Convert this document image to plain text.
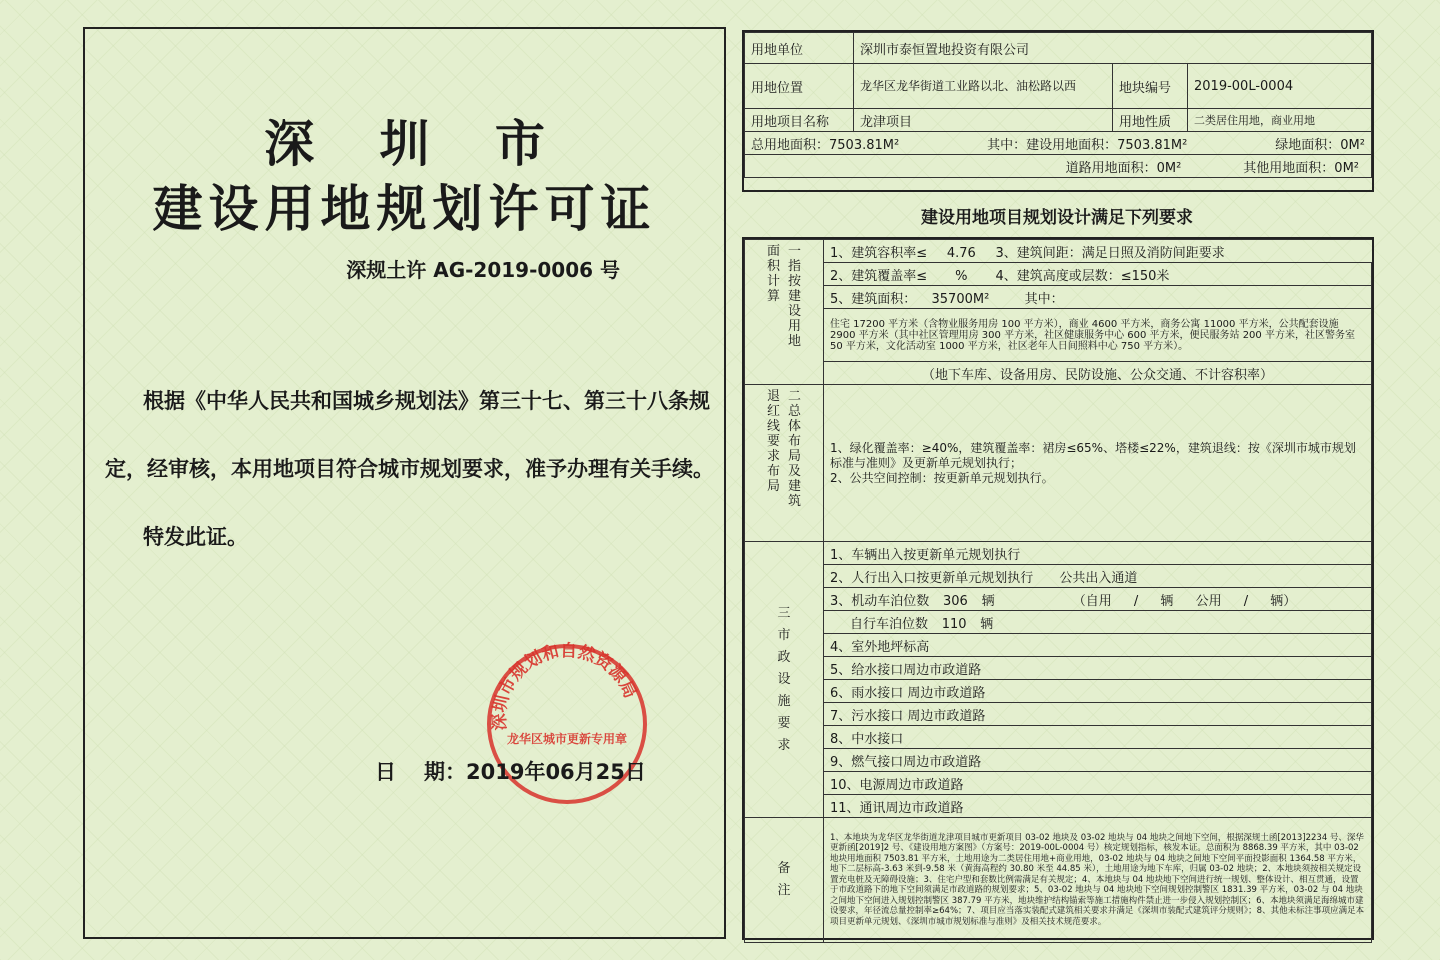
深 圳 市
建设用地规划许可证
深规土许 AG-2019-0006 号
根据《中华人民共和国城乡规划法》第三十七、第三十八条规
定，经审核，本用地项目符合城市规划要求，准予办理有关手续。
特发此证。
深圳市规划和自然资源局
龙华区城市更新专用章
日 期：2019年06月25日
用地单位	深圳市泰恒置地投资有限公司		
用地位置	龙华区龙华街道工业路以北、油松路以西	地块编号	2019-00L-0004
用地项目名称	龙津项目	用地性质	二类居住用地，商业用地

总用地面积：7503.81M² 其中：建设用地面积：7503.81M² 绿地面积：0M²			

道路用地面积：0M² 其他用地面积：0M²			
建设用地项目规划设计满足下列要求
面积计算一 指按建设用地	1、建筑容积率≤ 4.76 3、建筑间距：满足日照及消防间距要求
	2、建筑覆盖率≤ % 4、建筑高度或层数：≤150米
	5、建筑面积： 35700M² 其中：
	住宅 17200 平方米（含物业服务用房 100 平方米），商业 4600 平方米，商务公寓 11000 平方米，公共配套设施 2900 平方米（其中社区管理用房 300 平方米，社区健康服务中心 600 平方米，便民服务站 200 平方米，社区警务室 50 平方米，文化活动室 1000 平方米，社区老年人日间照料中心 750 平方米）。
	（地下车库、设备用房、民防设施、公众交通、不计容积率）
退红线要求布局二 总体布局及建筑	1、绿化覆盖率：≥40%，建筑覆盖率：裙房≤65%、塔楼≤22%，建筑退线：按《深圳市城市规划标准与准则》及更新单元规划执行；
2、公共空间控制：按更新单元规划执行。

三 市政设施要求	1、车辆出入按更新单元规划执行
	2、人行出入口按更新单元规划执行 公共出入通道
	3、机动车泊位数 306 辆 （自用 / 辆 公用 / 辆）
	自行车泊位数 110 辆
	4、室外地坪标高
	5、给水接口周边市政道路
	6、雨水接口 周边市政道路
	7、污水接口 周边市政道路
	8、中水接口
	9、燃气接口周边市政道路
	10、电源周边市政道路
	11、通讯周边市政道路
备注	1、本地块为龙华区龙华街道龙津项目城市更新项目 03-02 地块及 03-02 地块与 04 地块之间地下空间，根据深规土函[2013]2234 号、深华更新函[2019]2 号、《建设用地方案图》（方案号：2019-00L-0004 号）核定规划指标，核发本证。总面积为 8868.39 平方米，其中 03-02 地块用地面积 7503.81 平方米，土地用途为二类居住用地+商业用地，03-02 地块与 04 地块之间地下空间平面投影面积 1364.58 平方米，地下二层标高-3.63 米到-9.58 米（黄海高程约 30.80 米至 44.85 米），土地用途为地下车库，归属 03-02 地块；2、本地块须按相关规定设置充电桩及无障碍设施；3、住宅户型和套数比例需满足有关规定；4、本地块与 04 地块地下空间进行统一规划、整体设计、相互贯通，设置于市政道路下的地下空间须满足市政道路的规划要求；5、03-02 地块与 04 地块地下空间规划控制警区 1831.39 平方米，03-02 与 04 地块之间地下空间进入规划控制警区 387.79 平方米，地块维护结构锚索等施工措施构件禁止进一步侵入规划控制区；6、本地块须满足海绵城市建设要求，年径流总量控制率≥64%；7、项目应当落实装配式建筑相关要求并满足《深圳市装配式建筑评分规则》；8、其他未标注事项应满足本项目更新单元规划、《深圳市城市规划标准与准则》及相关技术规范要求。
